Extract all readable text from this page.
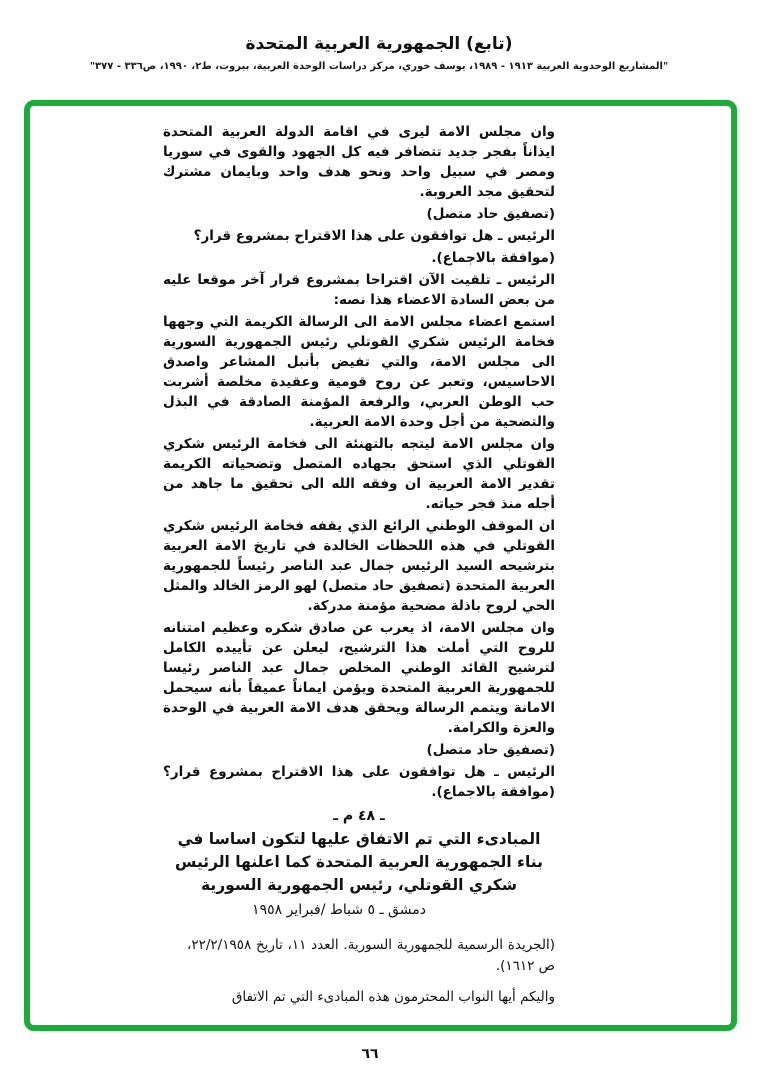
(تابع) الجمهورية العربية المتحدة
"المشاريع الوحدوية العربية ١٩١٣ - ١٩٨٩، يوسف خوري، مركز دراسات الوحدة العربية، بيروت، ط٢، ١٩٩٠، ص٣٣٦ - ٣٧٧"

وان مجلس الامة ليرى في اقامة الدولة العربية المتحدة ايذاناً بفجر جديد تتضافر فيه كل الجهود والقوى في سوريا ومصر في سبيل واحد ونحو هدف واحد وبايمان مشترك لتحقيق مجد العروبة.

(تصفيق حاد متصل)

الرئيس ـ هل توافقون على هذا الاقتراح بمشروع قرار؟

(موافقة بالاجماع).

الرئيس ـ تلقيت الآن اقتراحا بمشروع قرار آخر موقعا عليه من بعض السادة الاعضاء هذا نصه:

استمع اعضاء مجلس الامة الى الرسالة الكريمة التي وجهها فخامة الرئيس شكري القوتلي رئيس الجمهورية السورية الى مجلس الامة، والتي تفيض بأنبل المشاعر واصدق الاحاسيس، وتعبر عن روح قومية وعقيدة مخلصة أشربت حب الوطن العربي، والرفعة المؤمنة الصادقة في البذل والتضحية من أجل وحدة الامة العربية.

وان مجلس الامة ليتجه بالتهنئة الى فخامة الرئيس شكري القوتلي الذي استحق بجهاده المتصل وتضحياته الكريمة تقدير الامة العربية ان وفقه الله الى تحقيق ما جاهد من أجله منذ فجر حياته.

ان الموقف الوطني الرائع الذي يقفه فخامة الرئيس شكري القوتلي في هذه اللحظات الخالدة في تاريخ الامة العربية بترشيحه السيد الرئيس جمال عبد الناصر رئيساً للجمهورية العربية المتحدة (تصفيق حاد متصل) لهو الرمز الخالد والمثل الحي لروح باذلة مضحية مؤمنة مدركة.

وان مجلس الامة، اذ يعرب عن صادق شكره وعظيم امتنانه للروح التي أملت هذا الترشيح، ليعلن عن تأييده الكامل لترشيح القائد الوطني المخلص جمال عبد الناصر رئيسا للجمهورية العربية المتحدة ويؤمن ايماناً عميقاً بأنه سيحمل الامانة ويتمم الرسالة ويحقق هدف الامة العربية في الوحدة والعزة والكرامة.

(تصفيق حاد متصل)

الرئيس ـ هل توافقون على هذا الاقتراح بمشروع قرار؟(موافقة بالاجماع).

ـ ٤٨ م ـ
المبادىء التي تم الاتفاق عليها لتكون اساسا في بناء الجمهورية العربية المتحدة كما اعلنها الرئيس شكري القوتلي، رئيس الجمهورية السورية
دمشق ـ ٥ شباط /فبراير ١٩٥٨
(الجريدة الرسمية للجمهورية السورية. العدد ١١، تاريخ ٢٢/٢/١٩٥٨، ص ١٦١٢).
واليكم أيها النواب المحترمون هذه المبادىء التي تم الاتفاق
٦٦
